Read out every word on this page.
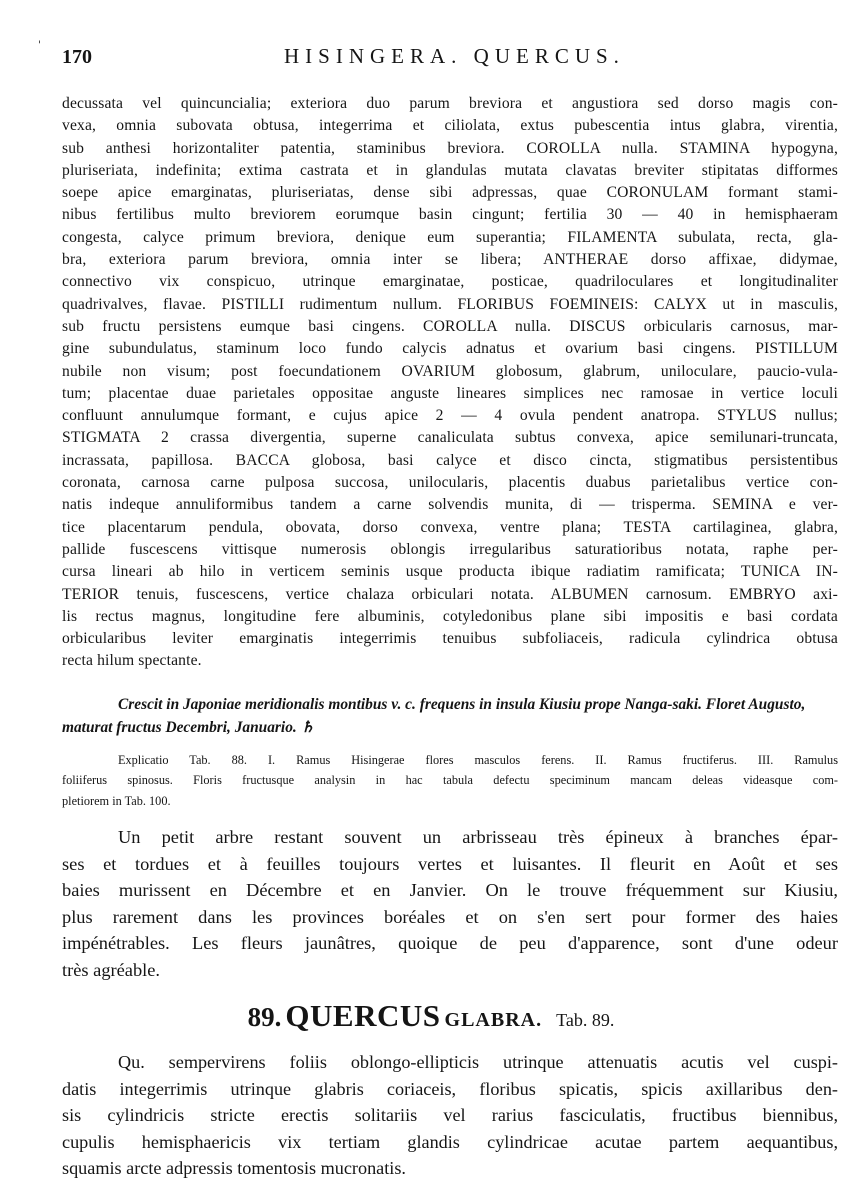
'
170	HISINGERA. QUERCUS.
decussata vel quincuncialia; exteriora duo parum breviora et angustiora sed dorso magis con-
vexa, omnia subovata obtusa, integerrima et ciliolata, extus pubescentia intus glabra, virentia,
sub anthesi horizontaliter patentia, staminibus breviora. COROLLA nulla. STAMINA hypogyna,
pluriseriata, indefinita; extima castrata et in glandulas mutata clavatas breviter stipitatas difformes
soepe apice emarginatas, pluriseriatas, dense sibi adpressas, quae CORONULAM formant stami-
nibus fertilibus multo breviorem eorumque basin cingunt; fertilia 30 — 40 in hemisphaeram
congesta, calyce primum breviora, denique eum superantia; FILAMENTA subulata, recta, gla-
bra, exteriora parum breviora, omnia inter se libera; ANTHERAE dorso affixae, didymae,
connectivo vix conspicuo, utrinque emarginatae, posticae, quadriloculares et longitudinaliter
quadrivalves, flavae. PISTILLI rudimentum nullum. FLORIBUS FOEMINEIS: CALYX ut in masculis,
sub fructu persistens eumque basi cingens. COROLLA nulla. DISCUS orbicularis carnosus, mar-
gine subundulatus, staminum loco fundo calycis adnatus et ovarium basi cingens. PISTILLUM
nubile non visum; post foecundationem OVARIUM globosum, glabrum, uniloculare, paucio-vula-
tum; placentae duae parietales oppositae anguste lineares simplices nec ramosae in vertice loculi
confluunt annulumque formant, e cujus apice 2 — 4 ovula pendent anatropa. STYLUS nullus;
STIGMATA 2 crassa divergentia, superne canaliculata subtus convexa, apice semilunari-truncata,
incrassata, papillosa. BACCA globosa, basi calyce et disco cincta, stigmatibus persistentibus
coronata, carnosa carne pulposa succosa, unilocularis, placentis duabus parietalibus vertice con-
natis indeque annuliformibus tandem a carne solvendis munita, di — trisperma. SEMINA e ver-
tice placentarum pendula, obovata, dorso convexa, ventre plana; TESTA cartilaginea, glabra,
pallide fuscescens vittisque numerosis oblongis irregularibus saturatioribus notata, raphe per-
cursa lineari ab hilo in verticem seminis usque producta ibique radiatim ramificata; TUNICA IN-
TERIOR tenuis, fuscescens, vertice chalaza orbiculari notata. ALBUMEN carnosum. EMBRYO axi-
lis rectus magnus, longitudine fere albuminis, cotyledonibus plane sibi impositis e basi cordata
orbicularibus leviter emarginatis integerrimis tenuibus subfoliaceis, radicula cylindrica obtusa
recta hilum spectante.
Crescit in Japoniae meridionalis montibus v. c. frequens in insula Kiusiu prope Nanga-saki. Floret Augusto, maturat fructus Decembri, Januario. ♄
Explicatio Tab. 88. I. Ramus Hisingerae flores masculos ferens. II. Ramus fructiferus. III. Ramulus
foliiferus spinosus. Floris fructusque analysin in hac tabula defectu speciminum mancam deleas videasque com-
pletiorem in Tab. 100.
Un petit arbre restant souvent un arbrisseau très épineux à branches épar-
ses et tordues et à feuilles toujours vertes et luisantes. Il fleurit en Août et ses
baies murissent en Décembre et en Janvier. On le trouve fréquemment sur Kiusiu,
plus rarement dans les provinces boréales et on s'en sert pour former des haies
impénétrables. Les fleurs jaunâtres, quoique de peu d'apparence, sont d'une odeur
très agréable.
89. QUERCUS GLABRA. Tab. 89.
Qu. sempervirens foliis oblongo-ellipticis utrinque attenuatis acutis vel cuspi-
datis integerrimis utrinque glabris coriaceis, floribus spicatis, spicis axillaribus den-
sis cylindricis stricte erectis solitariis vel rarius fasciculatis, fructibus biennibus,
cupulis hemisphaericis vix tertiam glandis cylindricae acutae partem aequantibus,
squamis arcte adpressis tomentosis mucronatis.
